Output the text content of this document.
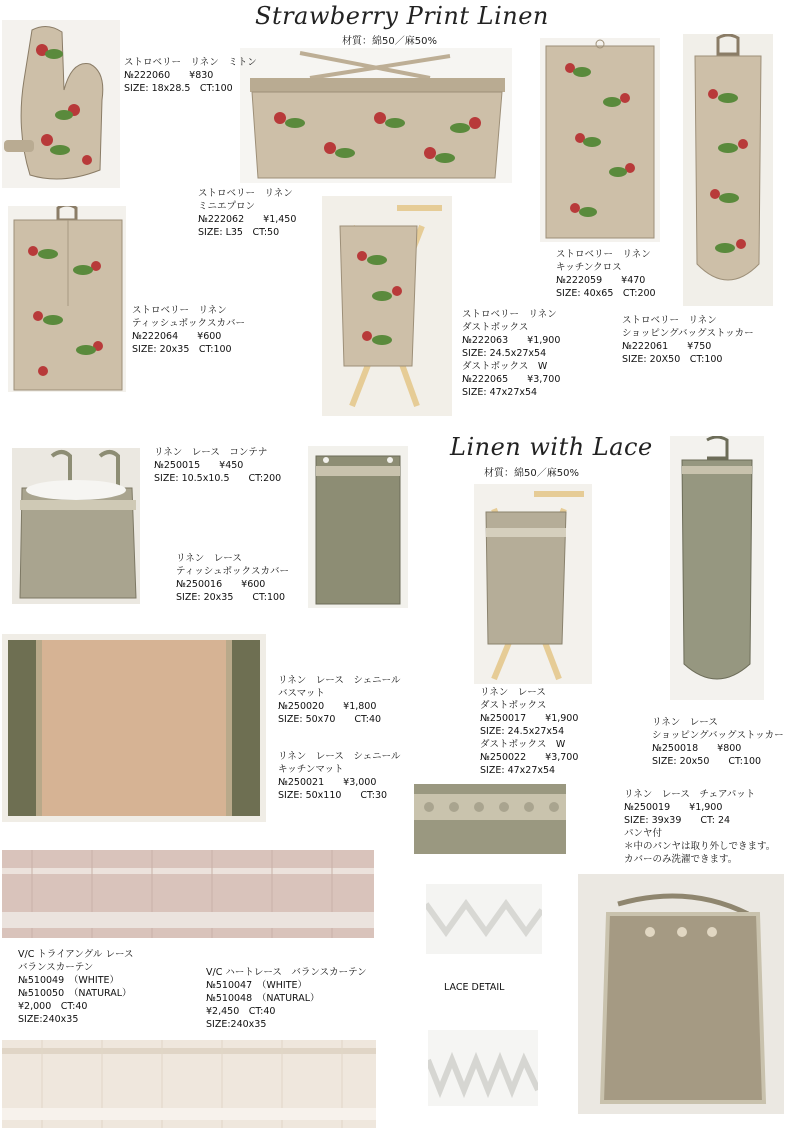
Strawberry Print Linen
材質：綿50／麻50%
Linen with Lace
材質：綿50／麻50%
ストロベリー　リネン　ミトン
№222060　　¥830
SIZE: 18x28.5　CT:100
ストロベリー　リネン
ミニエプロン
№222062　　¥1,450
SIZE: L35　CT:50
ストロベリー　リネン
キッチンクロス
№222059　　¥470
SIZE: 40x65　CT:200
ストロベリー　リネン
ティッシュボックスカバー
№222064　　¥600
SIZE: 20x35　CT:100
ストロベリー　リネン
ダストボックス
№222063　　¥1,900
SIZE: 24.5x27x54
ダストボックス　W
№222065　　¥3,700
SIZE: 47x27x54
ストロベリー　リネン
ショッピングバッグストッカー
№222061　　¥750
SIZE: 20X50　CT:100
リネン　レース　コンテナ
№250015　　¥450
SIZE: 10.5x10.5　　CT:200
リネン　レース
ティッシュボックスカバー
№250016　　¥600
SIZE: 20x35　　CT:100
リネン　レース　シェニール
バスマット
№250020　　¥1,800
SIZE: 50x70　　CT:40
リネン　レース　シェニール
キッチンマット
№250021　　¥3,000
SIZE: 50x110　　CT:30
リネン　レース
ダストボックス
№250017　　¥1,900
SIZE: 24.5x27x54
ダストボックス　W
№250022　　¥3,700
SIZE: 47x27x54
リネン　レース
ショッピングバッグストッカー
№250018　　¥800
SIZE: 20x50　　CT:100
リネン　レース　チェアパット
№250019　　¥1,900
SIZE: 39x39　　CT: 24
パンヤ付
＊中のパンヤは取り外しできます。
カバーのみ洗濯できます。
V/C トライアングル レース
バランスカーテン
№510049　（WHITE）
№510050　（NATURAL）
¥2,000　CT:40
SIZE:240x35
V/C ハートレース　バランスカーテン
№510047　（WHITE）
№510048　（NATURAL）
¥2,450　CT:40
SIZE:240x35
LACE DETAIL
